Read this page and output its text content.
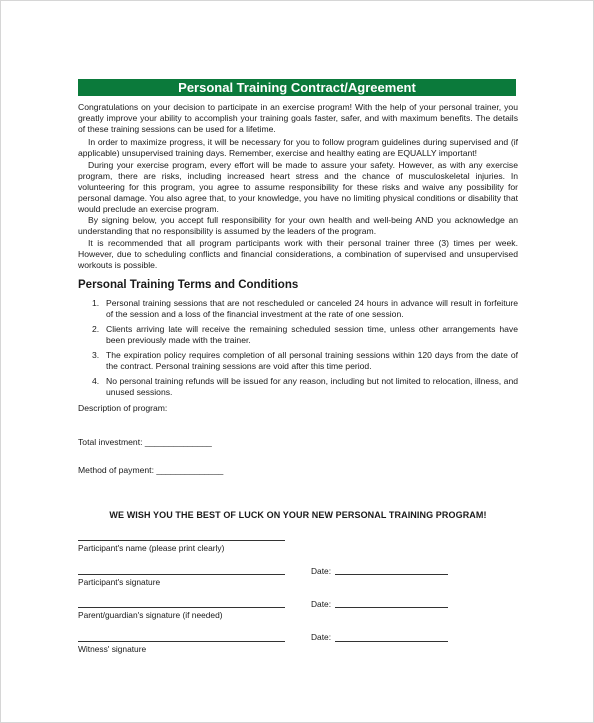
Personal Training Contract/Agreement

Congratulations on your decision to participate in an exercise program! With the help of your personal trainer, you greatly improve your ability to accomplish your training goals faster, safer, and with maximum benefits. The details of these training sessions can be used for a lifetime.

In order to maximize progress, it will be necessary for you to follow program guidelines during supervised and (if applicable) unsupervised training days. Remember, exercise and healthy eating are EQUALLY important!

During your exercise program, every effort will be made to assure your safety. However, as with any exercise program, there are risks, including increased heart stress and the chance of musculoskeletal injuries. In volunteering for this program, you agree to assume responsibility for these risks and waive any possibility for personal damage. You also agree that, to your knowledge, you have no limiting physical conditions or disability that would preclude an exercise program.

By signing below, you accept full responsibility for your own health and well-being AND you acknowledge an understanding that no responsibility is assumed by the leaders of the program.

It is recommended that all program participants work with their personal trainer three (3) times per week. However, due to scheduling conflicts and financial considerations, a combination of supervised and unsupervised workouts is possible.

Personal Training Terms and Conditions
1. Personal training sessions that are not rescheduled or canceled 24 hours in advance will result in forfeiture of the session and a loss of the financial investment at the rate of one session.
2. Clients arriving late will receive the remaining scheduled session time, unless other arrangements have been previously made with the trainer.
3. The expiration policy requires completion of all personal training sessions within 120 days from the date of the contract. Personal training sessions are void after this time period.
4. No personal training refunds will be issued for any reason, including but not limited to relocation, illness, and unused sessions.
Description of program:
Total investment: ______________
Method of payment: ______________
WE WISH YOU THE BEST OF LUCK ON YOUR NEW PERSONAL TRAINING PROGRAM!
Participant's name (please print clearly)
Participant's signature
Date:
Parent/guardian's signature (if needed)
Date:
Witness' signature
Date:
